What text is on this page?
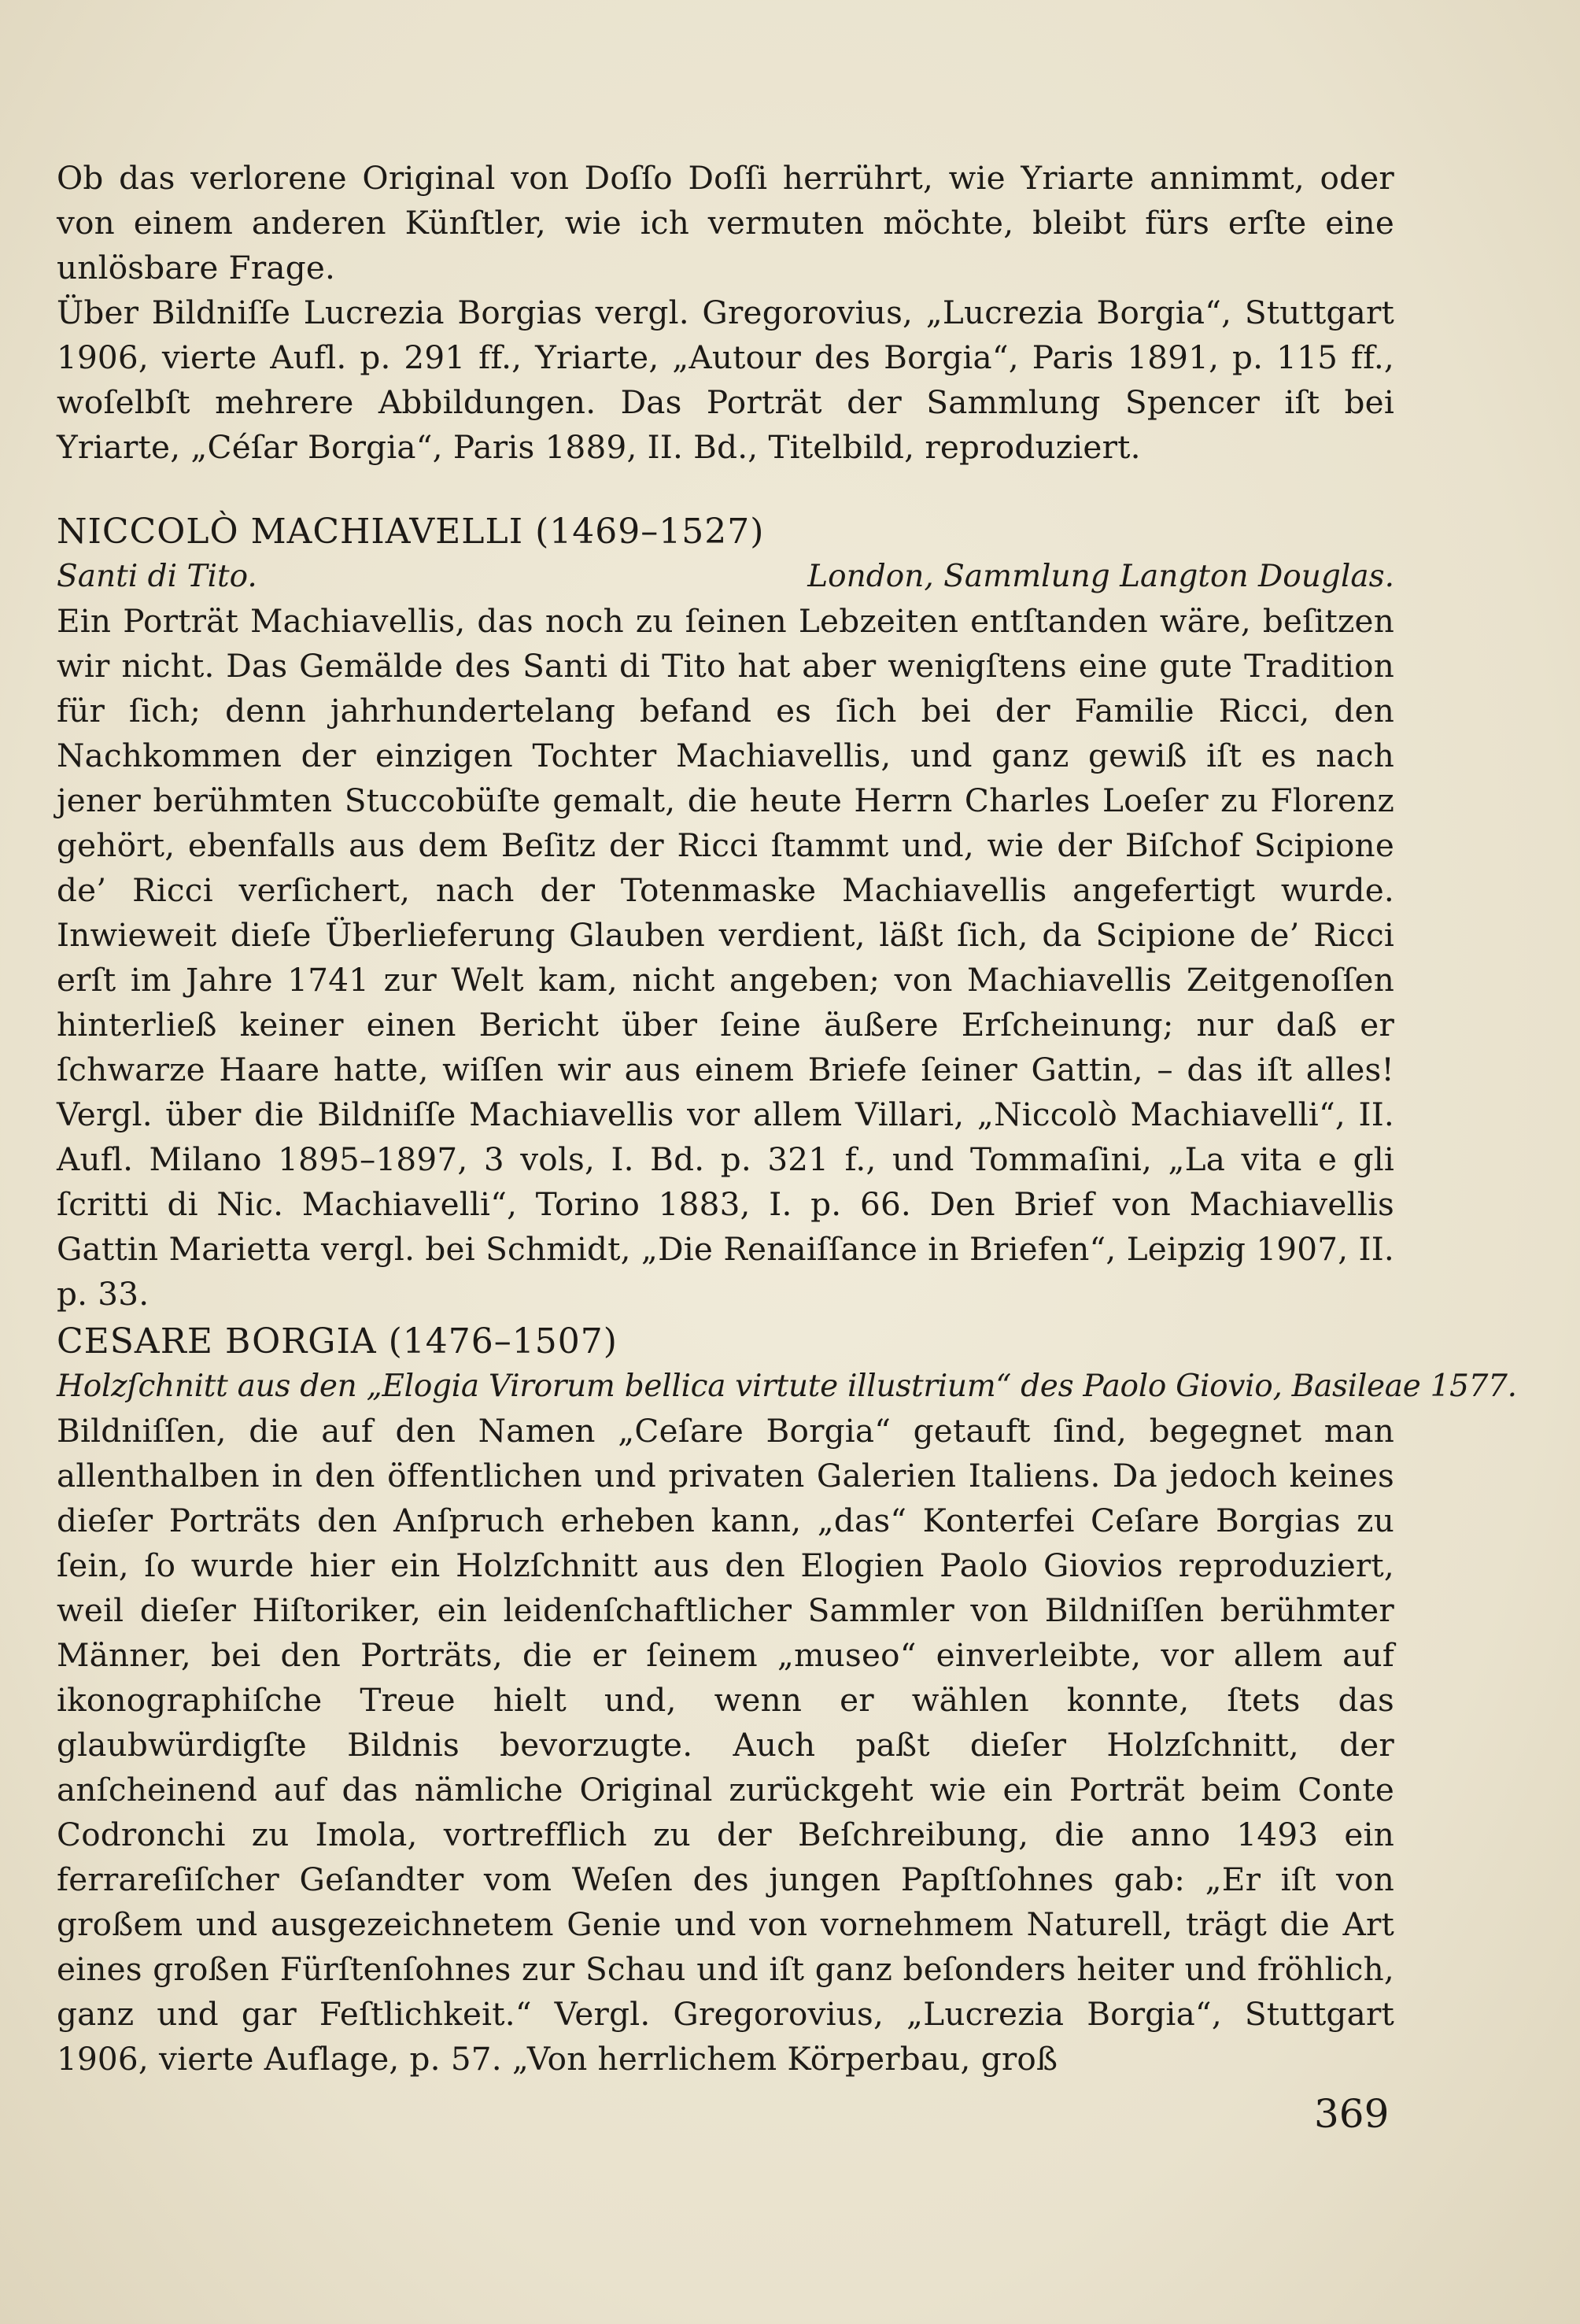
Ob das verlorene Original von Doſſo Doſſi herrührt, wie Yriarte annimmt, oder von einem anderen Künſtler, wie ich vermuten möchte, bleibt fürs erſte eine unlösbare Frage.

Über Bildniſſe Lucrezia Borgias vergl. Gregorovius, „Lucrezia Borgia“, Stuttgart 1906, vierte Aufl. p. 291 ff., Yriarte, „Autour des Borgia“, Paris 1891, p. 115 ff., woſelbſt mehrere Abbildungen. Das Porträt der Sammlung Spencer iſt bei Yriarte, „Céſar Borgia“, Paris 1889, II. Bd., Titelbild, reproduziert.

NICCOLÒ MACHIAVELLI (1469–1527)

Santi di Tito.	London, Sammlung Langton Douglas.

Ein Porträt Machiavellis, das noch zu ſeinen Lebzeiten entſtanden wäre, beſitzen wir nicht. Das Gemälde des Santi di Tito hat aber wenigſtens eine gute Tradition für ſich; denn jahrhundertelang befand es ſich bei der Familie Ricci, den Nachkommen der einzigen Tochter Machiavellis, und ganz gewiß iſt es nach jener berühmten Stuccobüſte gemalt, die heute Herrn Charles Loeſer zu Florenz gehört, ebenfalls aus dem Beſitz der Ricci ſtammt und, wie der Biſchof Scipione de’ Ricci verſichert, nach der Totenmaske Machiavellis angefertigt wurde. Inwieweit dieſe Überlieferung Glauben verdient, läßt ſich, da Scipione de’ Ricci erſt im Jahre 1741 zur Welt kam, nicht angeben; von Machiavellis Zeitgenoſſen hinterließ keiner einen Bericht über ſeine äußere Erſcheinung; nur daß er ſchwarze Haare hatte, wiſſen wir aus einem Briefe ſeiner Gattin, – das iſt alles! Vergl. über die Bildniſſe Machiavellis vor allem Villari, „Niccolò Machiavelli“, II. Aufl. Milano 1895–1897, 3 vols, I. Bd. p. 321 f., und Tommaſini, „La vita e gli ſcritti di Nic. Machiavelli“, Torino 1883, I. p. 66. Den Brief von Machiavellis Gattin Marietta vergl. bei Schmidt, „Die Renaiſſance in Briefen“, Leipzig 1907, II. p. 33.

CESARE BORGIA (1476–1507)

Holzſchnitt aus den „Elogia Virorum bellica virtute illustrium“ des Paolo Giovio, Basileae 1577.

Bildniſſen, die auf den Namen „Ceſare Borgia“ getauft ſind, begegnet man allenthalben in den öffentlichen und privaten Galerien Italiens. Da jedoch keines dieſer Porträts den Anſpruch erheben kann, „das“ Konterfei Ceſare Borgias zu ſein, ſo wurde hier ein Holzſchnitt aus den Elogien Paolo Giovios reproduziert, weil dieſer Hiſtoriker, ein leidenſchaftlicher Sammler von Bildniſſen berühmter Männer, bei den Porträts, die er ſeinem „museo“ einverleibte, vor allem auf ikonographiſche Treue hielt und, wenn er wählen konnte, ſtets das glaubwürdigſte Bildnis bevorzugte. Auch paßt dieſer Holzſchnitt, der anſcheinend auf das nämliche Original zurückgeht wie ein Porträt beim Conte Codronchi zu Imola, vortrefflich zu der Beſchreibung, die anno 1493 ein ferrareſiſcher Geſandter vom Weſen des jungen Papſtſohnes gab: „Er iſt von großem und ausgezeichnetem Genie und von vornehmem Naturell, trägt die Art eines großen Fürſtenſohnes zur Schau und iſt ganz beſonders heiter und fröhlich, ganz und gar Feſtlichkeit.“ Vergl. Gregorovius, „Lucrezia Borgia“, Stuttgart 1906, vierte Auflage, p. 57. „Von herrlichem Körperbau, groß

369
